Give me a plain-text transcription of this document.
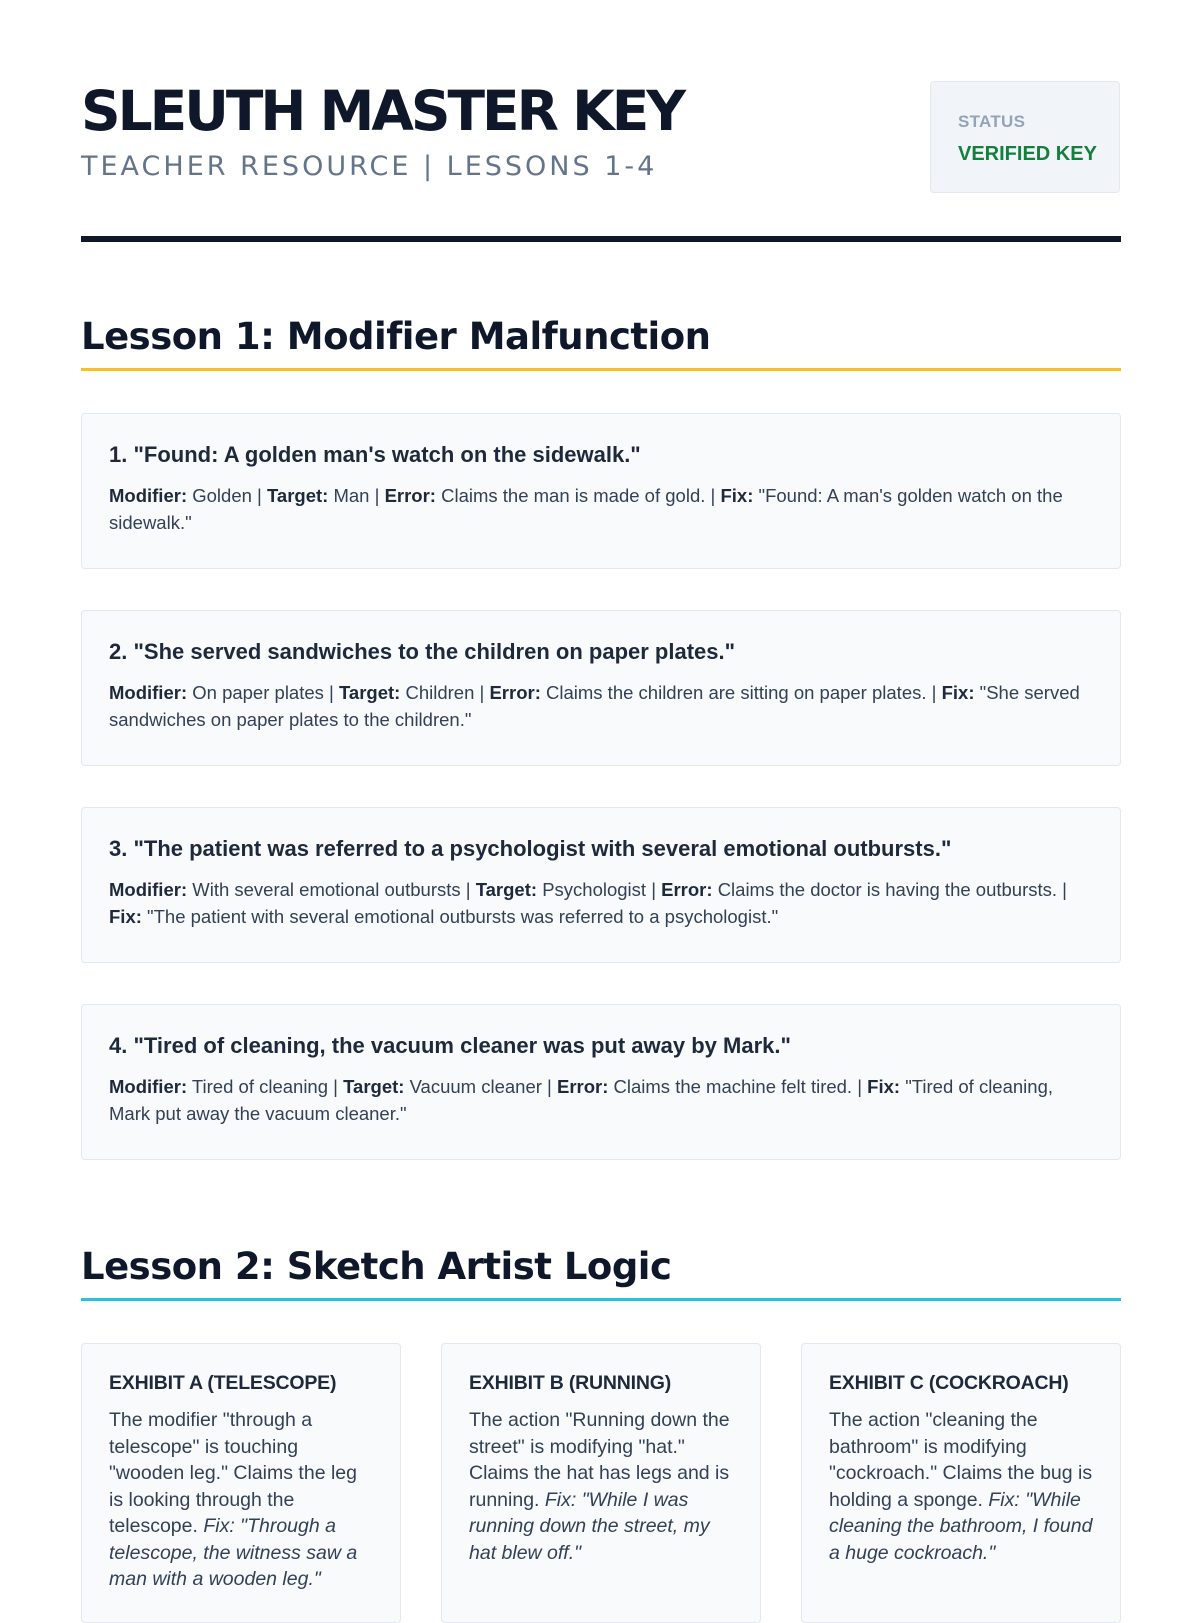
SLEUTH MASTER KEY
TEACHER RESOURCE | LESSONS 1-4
STATUS
VERIFIED KEY
Lesson 1: Modifier Malfunction
1. "Found: A golden man's watch on the sidewalk."
Modifier: Golden | Target: Man | Error: Claims the man is made of gold. | Fix: "Found: A man's golden watch on the sidewalk."
2. "She served sandwiches to the children on paper plates."
Modifier: On paper plates | Target: Children | Error: Claims the children are sitting on paper plates. | Fix: "She served sandwiches on paper plates to the children."
3. "The patient was referred to a psychologist with several emotional outbursts."
Modifier: With several emotional outbursts | Target: Psychologist | Error: Claims the doctor is having the outbursts. | Fix: "The patient with several emotional outbursts was referred to a psychologist."
4. "Tired of cleaning, the vacuum cleaner was put away by Mark."
Modifier: Tired of cleaning | Target: Vacuum cleaner | Error: Claims the machine felt tired. | Fix: "Tired of cleaning, Mark put away the vacuum cleaner."
Lesson 2: Sketch Artist Logic
EXHIBIT A (TELESCOPE)
The modifier "through a telescope" is touching "wooden leg." Claims the leg is looking through the telescope. Fix: "Through a telescope, the witness saw a man with a wooden leg."
EXHIBIT B (RUNNING)
The action "Running down the street" is modifying "hat." Claims the hat has legs and is running. Fix: "While I was running down the street, my hat blew off."
EXHIBIT C (COCKROACH)
The action "cleaning the bathroom" is modifying "cockroach." Claims the bug is holding a sponge. Fix: "While cleaning the bathroom, I found a huge cockroach."
